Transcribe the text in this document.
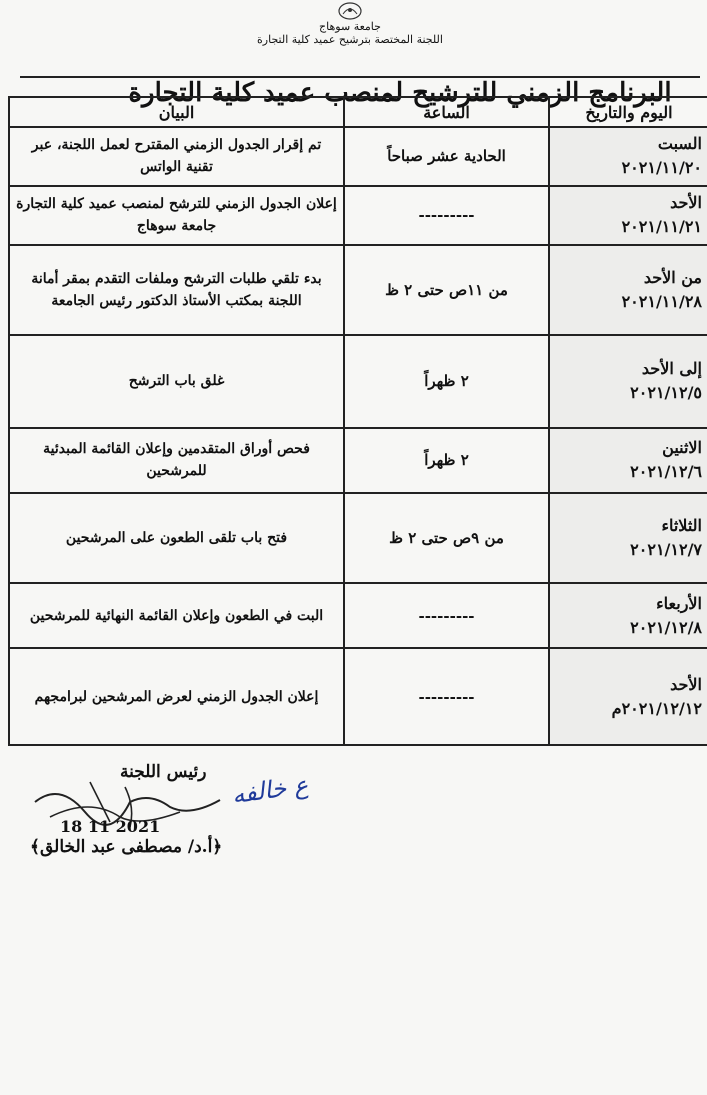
جامعة سوهاج
اللجنة المختصة بترشيح عميد كلية التجارة
البرنامج الزمني للترشيح لمنصب عميد كلية التجارة
اليوم والتاريخ	الساعة	البيان

السبت
٢٠٢١/١١/٢٠	الحادية عشر صباحاً	تم إقرار الجدول الزمني المقترح لعمل اللجنة، عبر تقنية الواتس

الأحد
٢٠٢١/١١/٢١	---------	إعلان الجدول الزمني للترشح لمنصب عميد كلية التجارة جامعة سوهاج

من الأحد
٢٠٢١/١١/٢٨	من ١١ص حتى ٢ ظ	بدء تلقي طلبات الترشح وملفات التقدم بمقر أمانة اللجنة بمكتب الأستاذ الدكتور رئيس الجامعة

إلى الأحد
٢٠٢١/١٢/٥	٢ ظهراً	غلق باب الترشح

الاثنين
٢٠٢١/١٢/٦	٢ ظهراً	فحص أوراق المتقدمين وإعلان القائمة المبدئية للمرشحين

الثلاثاء
٢٠٢١/١٢/٧	من ٩ص حتى ٢ ظ	فتح باب تلقى الطعون على المرشحين

الأربعاء
٢٠٢١/١٢/٨	---------	البت في الطعون وإعلان القائمة النهائية للمرشحين

الأحد
٢٠٢١/١٢/١٢م	---------	إعلان الجدول الزمني لعرض المرشحين لبرامجهم
رئيس اللجنة
18 11 2021
﴿أ.د/ مصطفى عبد الخالق﴾
ع خالفه
